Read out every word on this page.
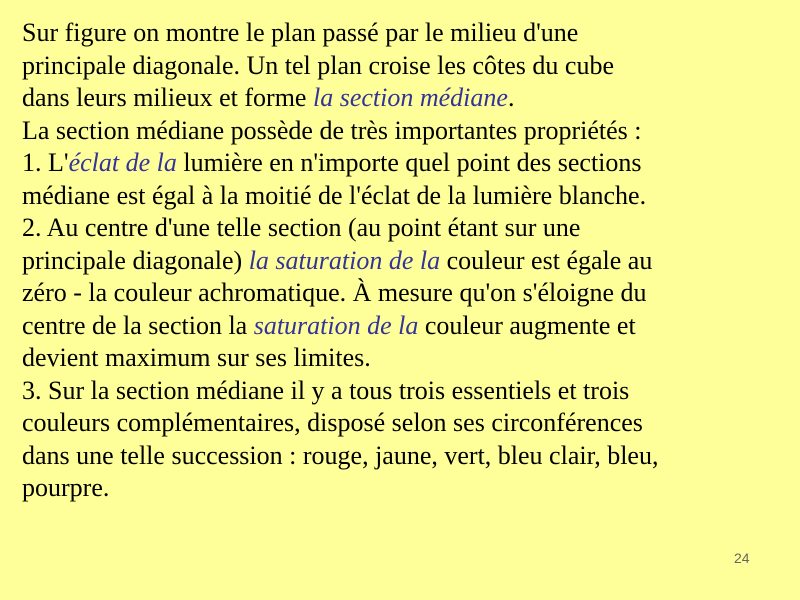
Sur figure on montre le plan passé par le milieu d'une
principale diagonale. Un tel plan croise les côtes du cube
dans leurs milieux et forme la section médiane.
La section médiane possède de très importantes propriétés :
1. L'éclat de la lumière en n'importe quel point des sections
médiane est égal à la moitié de l'éclat de la lumière blanche.
2. Au centre d'une telle section (au point étant sur une
principale diagonale) la saturation de la couleur est égale au
zéro - la couleur achromatique. À mesure qu'on s'éloigne du
centre de la section la saturation de la couleur augmente et
devient maximum sur ses limites.
3. Sur la section médiane il y a tous trois essentiels et trois
couleurs complémentaires, disposé selon ses circonférences
dans une telle succession : rouge, jaune, vert, bleu clair, bleu,
pourpre.
24
